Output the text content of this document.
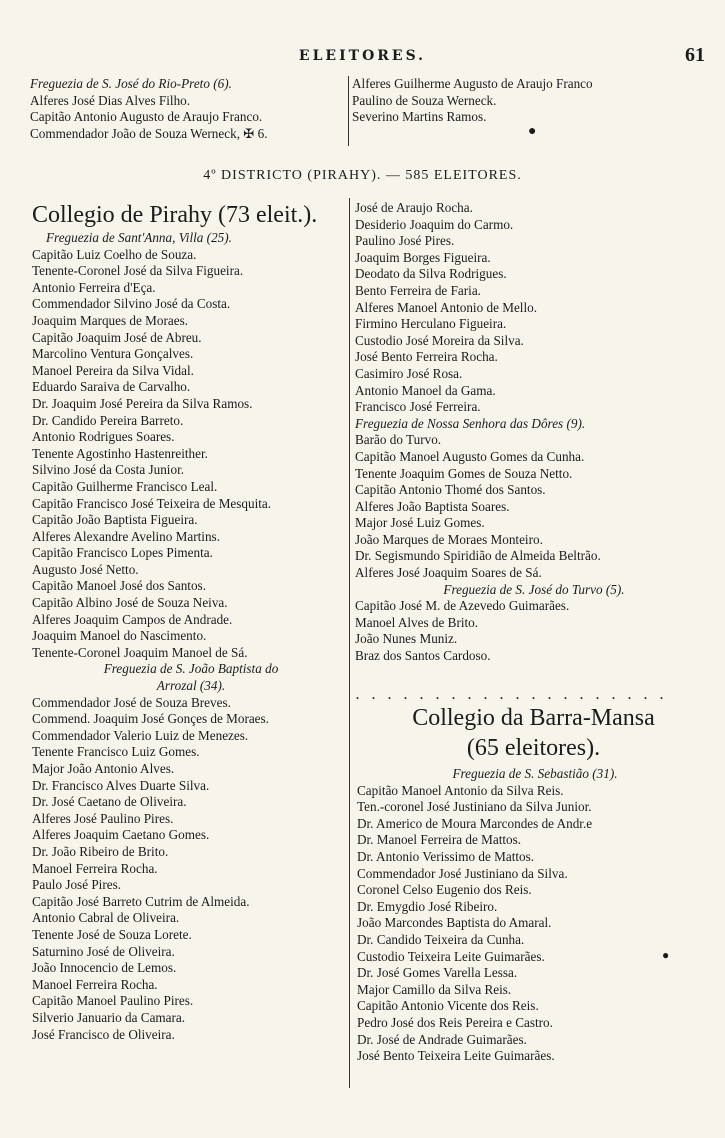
ELEITORES.	61
Freguezia de S. José do Rio-Preto (6).
Alferes José Dias Alves Filho.
Capitão Antonio Augusto de Araujo Franco.
Commendador João de Souza Werneck, ✠ 6.
Alferes Guilherme Augusto de Araujo Franco
Paulino de Souza Werneck.
Severino Martins Ramos.
●
4º DISTRICTO (PIRAHY). — 585 ELEITORES.
Collegio de Pirahy (73 eleit.).
Freguezia de Sant'Anna, Villa (25).
Capitão Luiz Coelho de Souza.
Tenente-Coronel José da Silva Figueira.
Antonio Ferreira d'Eça.
Commendador Silvino José da Costa.
Joaquim Marques de Moraes.
Capitão Joaquim José de Abreu.
Marcolino Ventura Gonçalves.
Manoel Pereira da Silva Vidal.
Eduardo Saraiva de Carvalho.
Dr. Joaquim José Pereira da Silva Ramos.
Dr. Candido Pereira Barreto.
Antonio Rodrigues Soares.
Tenente Agostinho Hastenreither.
Silvino José da Costa Junior.
Capitão Guilherme Francisco Leal.
Capitão Francisco José Teixeira de Mesquita.
Capitão João Baptista Figueira.
Alferes Alexandre Avelino Martins.
Capitão Francisco Lopes Pimenta.
Augusto José Netto.
Capitão Manoel José dos Santos.
Capitão Albino José de Souza Neiva.
Alferes Joaquim Campos de Andrade.
Joaquim Manoel do Nascimento.
Tenente-Coronel Joaquim Manoel de Sá.
Freguezia de S. João Baptista do
Arrozal (34).
Commendador José de Souza Breves.
Commend. Joaquim José Gonçes de Moraes.
Commendador Valerio Luiz de Menezes.
Tenente Francisco Luiz Gomes.
Major João Antonio Alves.
Dr. Francisco Alves Duarte Silva.
Dr. José Caetano de Oliveira.
Alferes José Paulino Pires.
Alferes Joaquim Caetano Gomes.
Dr. João Ribeiro de Brito.
Manoel Ferreira Rocha.
Paulo José Pires.
Capitão José Barreto Cutrim de Almeida.
Antonio Cabral de Oliveira.
Tenente José de Souza Lorete.
Saturnino José de Oliveira.
João Innocencio de Lemos.
Manoel Ferreira Rocha.
Capitão Manoel Paulino Pires.
Silverio Januario da Camara.
José Francisco de Oliveira.
José de Araujo Rocha.
Desiderio Joaquim do Carmo.
Paulino José Pires.
Joaquim Borges Figueira.
Deodato da Silva Rodrigues.
Bento Ferreira de Faria.
Alferes Manoel Antonio de Mello.
Firmino Herculano Figueira.
Custodio José Moreira da Silva.
José Bento Ferreira Rocha.
Casimiro José Rosa.
Antonio Manoel da Gama.
Francisco José Ferreira.
Freguezia de Nossa Senhora das Dôres (9).
Barão do Turvo.
Capitão Manoel Augusto Gomes da Cunha.
Tenente Joaquim Gomes de Souza Netto.
Capitão Antonio Thomé dos Santos.
Alferes João Baptista Soares.
Major José Luiz Gomes.
João Marques de Moraes Monteiro.
Dr. Segismundo Spiridião de Almeida Beltrão.
Alferes José Joaquim Soares de Sá.
Freguezia de S. José do Turvo (5).
Capitão José M. de Azevedo Guimarães.
Manoel Alves de Brito.
João Nunes Muniz.
Braz dos Santos Cardoso.
. . . . . . . . . . . . . . . . . . . .
Collegio da Barra-Mansa
(65 eleitores).
Freguezia de S. Sebastião (31).
Capitão Manoel Antonio da Silva Reis.
Ten.-coronel José Justiniano da Silva Junior.
Dr. Americo de Moura Marcondes de Andr.e
Dr. Manoel Ferreira de Mattos.
Dr. Antonio Verissimo de Mattos.
Commendador José Justiniano da Silva.
Coronel Celso Eugenio dos Reis.
Dr. Emygdio José Ribeiro.
João Marcondes Baptista do Amaral.
Dr. Candido Teixeira da Cunha.
Custodio Teixeira Leite Guimarães.
Dr. José Gomes Varella Lessa.
Major Camillo da Silva Reis.
Capitão Antonio Vicente dos Reis.
Pedro José dos Reis Pereira e Castro.
Dr. José de Andrade Guimarães.
José Bento Teixeira Leite Guimarães.
●
